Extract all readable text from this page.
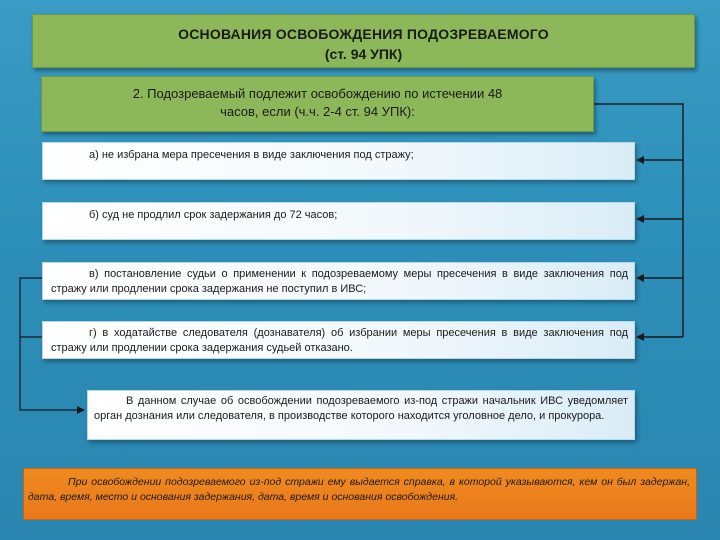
ОСНОВАНИЯ ОСВОБОЖДЕНИЯ ПОДОЗРЕВАЕМОГО
(ст. 94 УПК)
2. Подозреваемый подлежит освобождению по истечении 48
часов, если (ч.ч. 2-4 ст. 94 УПК):
а) не избрана мера пресечения в виде заключения под стражу;
б) суд не продлил срок задержания до 72 часов;
в) постановление судьи о применении к подозреваемому меры пресечения в виде заключения под стражу или продлении срока задержания не поступил в ИВС;
г) в ходатайстве следователя (дознавателя) об избрании меры пресечения в виде заключения под стражу или продлении срока задержания судьей отказано.
В данном случае об освобождении подозреваемого из-под стражи начальник ИВС уведомляет орган дознания или следователя, в производстве которого находится уголовное дело, и прокурора.
При освобождении подозреваемого из-под стражи ему выдается справка, в которой указываются, кем он был задержан, дата, время, место и основания задержания, дата, время и основания освобождения.
